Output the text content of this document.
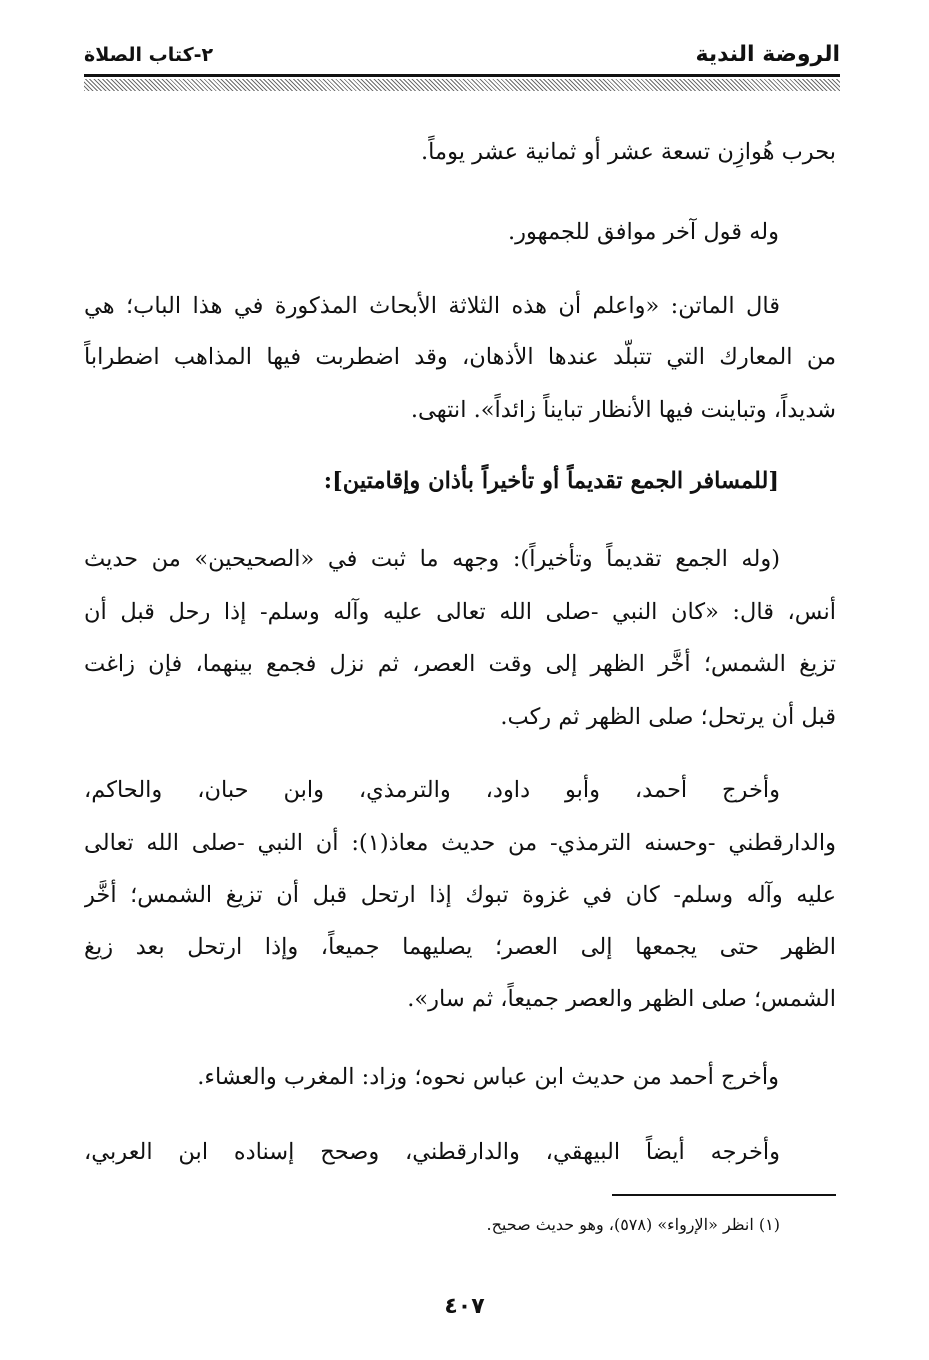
الروضة الندية
٢-كتاب الصلاة
بحرب هُوازِن تسعة عشر أو ثمانية عشر يوماً.
وله قول آخر موافق للجمهور.
قال الماتن: «واعلم أن هذه الثلاثة الأبحاث المذكورة في هذا الباب؛ هي
من المعارك التي تتبلّد عندها الأذهان، وقد اضطربت فيها المذاهب اضطراباً
شديداً، وتباينت فيها الأنظار تبايناً زائداً». انتهى.
[للمسافر الجمع تقديماً أو تأخيراً بأذان وإقامتين]:
(وله الجمع تقديماً وتأخيراً): وجهه ما ثبت في «الصحيحين» من حديث
أنس، قال: «كان النبي -صلى الله تعالى عليه وآله وسلم- إذا رحل قبل أن
تزيغ الشمس؛ أخَّر الظهر إلى وقت العصر، ثم نزل فجمع بينهما، فإن زاغت
قبل أن يرتحل؛ صلى الظهر ثم ركب.
وأخرج أحمد، وأبو داود، والترمذي، وابن حبان، والحاكم،
والدارقطني -وحسنه الترمذي- من حديث معاذ(١): أن النبي -صلى الله تعالى
عليه وآله وسلم- كان في غزوة تبوك إذا ارتحل قبل أن تزيغ الشمس؛ أخَّر
الظهر حتى يجمعها إلى العصر؛ يصليهما جميعاً، وإذا ارتحل بعد زيغ
الشمس؛ صلى الظهر والعصر جميعاً، ثم سار».
وأخرج أحمد من حديث ابن عباس نحوه؛ وزاد: المغرب والعشاء.
وأخرجه أيضاً البيهقي، والدارقطني، وصحح إسناده ابن العربي،
(١) انظر «الإرواء» (٥٧٨)، وهو حديث صحيح.
٤٠٧
